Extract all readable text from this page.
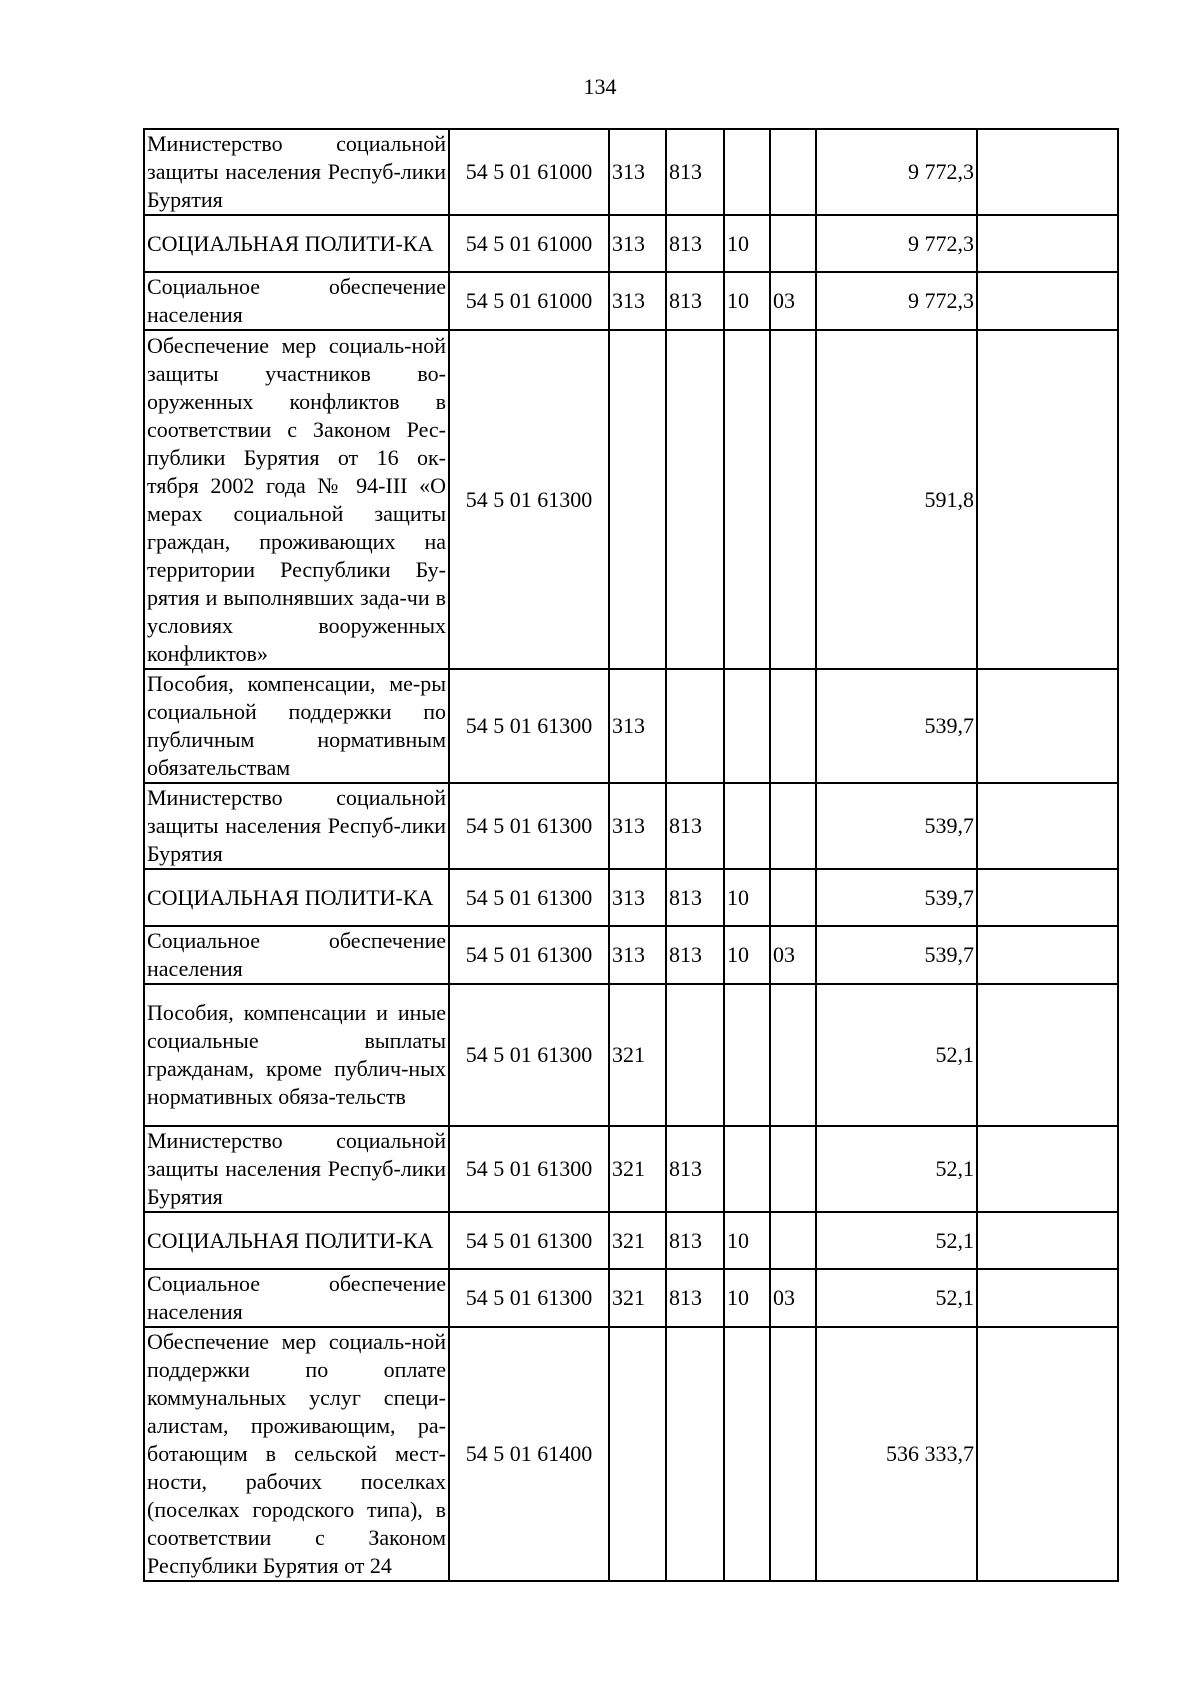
134
Министерство социальной защиты населения Респуб-лики Бурятия	54 5 01 61000	313	813			9 772,3	
СОЦИАЛЬНАЯ ПОЛИТИ-КА	54 5 01 61000	313	813	10		9 772,3	
Социальное обеспечение населения	54 5 01 61000	313	813	10	03	9 772,3	
Обеспечение мер социаль-ной защиты участников во-оруженных конфликтов в соответствии с Законом Рес-публики Бурятия от 16 ок-тября 2002 года № 94-III «О мерах социальной защиты граждан, проживающих на территории Республики Бу-рятия и выполнявших зада-чи в условиях вооруженных конфликтов»	54 5 01 61300					591,8	
Пособия, компенсации, ме-ры социальной поддержки по публичным нормативным обязательствам	54 5 01 61300	313				539,7	
Министерство социальной защиты населения Респуб-лики Бурятия	54 5 01 61300	313	813			539,7	
СОЦИАЛЬНАЯ ПОЛИТИ-КА	54 5 01 61300	313	813	10		539,7	
Социальное обеспечение населения	54 5 01 61300	313	813	10	03	539,7	
Пособия, компенсации и иные социальные выплаты гражданам, кроме публич-ных нормативных обяза-тельств	54 5 01 61300	321				52,1	
Министерство социальной защиты населения Респуб-лики Бурятия	54 5 01 61300	321	813			52,1	
СОЦИАЛЬНАЯ ПОЛИТИ-КА	54 5 01 61300	321	813	10		52,1	
Социальное обеспечение населения	54 5 01 61300	321	813	10	03	52,1	
Обеспечение мер социаль-ной поддержки по оплате коммунальных услуг специ-алистам, проживающим, ра-ботающим в сельской мест-ности, рабочих поселках (поселках городского типа), в соответствии с Законом Республики Бурятия от 24	54 5 01 61400					536 333,7	
